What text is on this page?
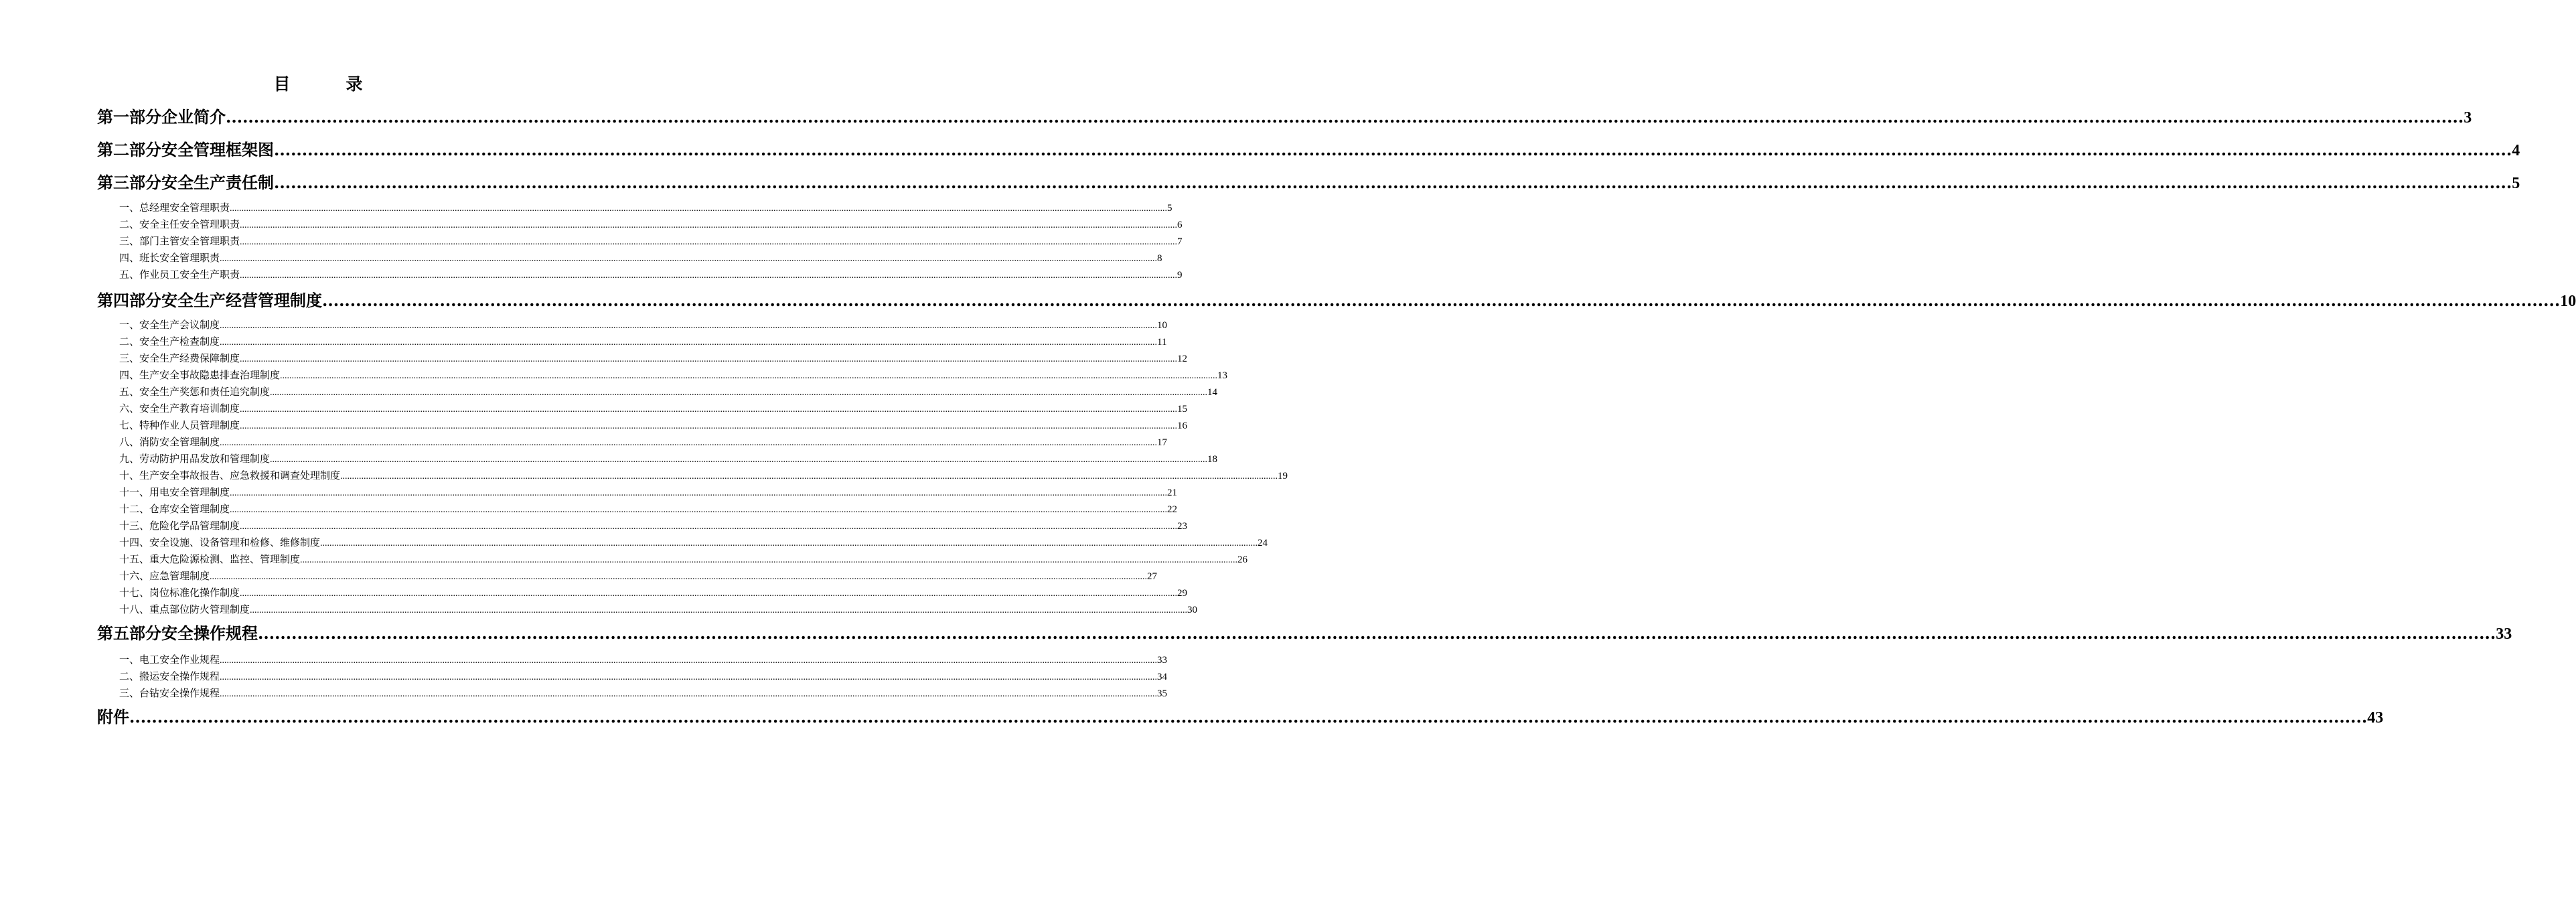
目	录
第一部分 企业简介 ................................................................................................................................................................................................................................................................................................................................................................................................................ 3
第二部分 安全管理框架图 ................................................................................................................................................................................................................................................................................................................................................................................................................ 4
第三部分 安全生产责任制 ................................................................................................................................................................................................................................................................................................................................................................................................................ 5
一、总经理安全管理职责 ................................................................................................................................................................................................................................................................................................................................................................................................................ 5
二、安全主任安全管理职责 ................................................................................................................................................................................................................................................................................................................................................................................................................ 6
三、部门主管安全管理职责 ................................................................................................................................................................................................................................................................................................................................................................................................................ 7
四、班长安全管理职责 ................................................................................................................................................................................................................................................................................................................................................................................................................ 8
五、作业员工安全生产职责 ................................................................................................................................................................................................................................................................................................................................................................................................................ 9
第四部分 安全生产经营管理制度 ................................................................................................................................................................................................................................................................................................................................................................................................................ 10
一、安全生产会议制度 ................................................................................................................................................................................................................................................................................................................................................................................................................ 10
二、安全生产检查制度 ................................................................................................................................................................................................................................................................................................................................................................................................................ 11
三、安全生产经费保障制度 ................................................................................................................................................................................................................................................................................................................................................................................................................ 12
四、生产安全事故隐患排查治理制度 ................................................................................................................................................................................................................................................................................................................................................................................................................ 13
五、安全生产奖惩和责任追究制度 ................................................................................................................................................................................................................................................................................................................................................................................................................ 14
六、安全生产教育培训制度 ................................................................................................................................................................................................................................................................................................................................................................................................................ 15
七、特种作业人员管理制度 ................................................................................................................................................................................................................................................................................................................................................................................................................ 16
八、消防安全管理制度 ................................................................................................................................................................................................................................................................................................................................................................................................................ 17
九、劳动防护用品发放和管理制度 ................................................................................................................................................................................................................................................................................................................................................................................................................ 18
十、生产安全事故报告、应急救援和调查处理制度 ................................................................................................................................................................................................................................................................................................................................................................................................................ 19
十一、用电安全管理制度 ................................................................................................................................................................................................................................................................................................................................................................................................................ 21
十二、仓库安全管理制度 ................................................................................................................................................................................................................................................................................................................................................................................................................ 22
十三、危险化学品管理制度 ................................................................................................................................................................................................................................................................................................................................................................................................................ 23
十四、安全设施、设备管理和检修、维修制度 ................................................................................................................................................................................................................................................................................................................................................................................................................ 24
十五、重大危险源检测、监控、管理制度 ................................................................................................................................................................................................................................................................................................................................................................................................................ 26
十六、应急管理制度 ................................................................................................................................................................................................................................................................................................................................................................................................................ 27
十七、岗位标准化操作制度 ................................................................................................................................................................................................................................................................................................................................................................................................................ 29
十八、重点部位防火管理制度 ................................................................................................................................................................................................................................................................................................................................................................................................................ 30
第五部分 安全操作规程 ................................................................................................................................................................................................................................................................................................................................................................................................................ 33
一、电工安全作业规程 ................................................................................................................................................................................................................................................................................................................................................................................................................ 33
二、搬运安全操作规程 ................................................................................................................................................................................................................................................................................................................................................................................................................ 34
三、台钻安全操作规程 ................................................................................................................................................................................................................................................................................................................................................................................................................ 35
附件 ................................................................................................................................................................................................................................................................................................................................................................................................................ 43
